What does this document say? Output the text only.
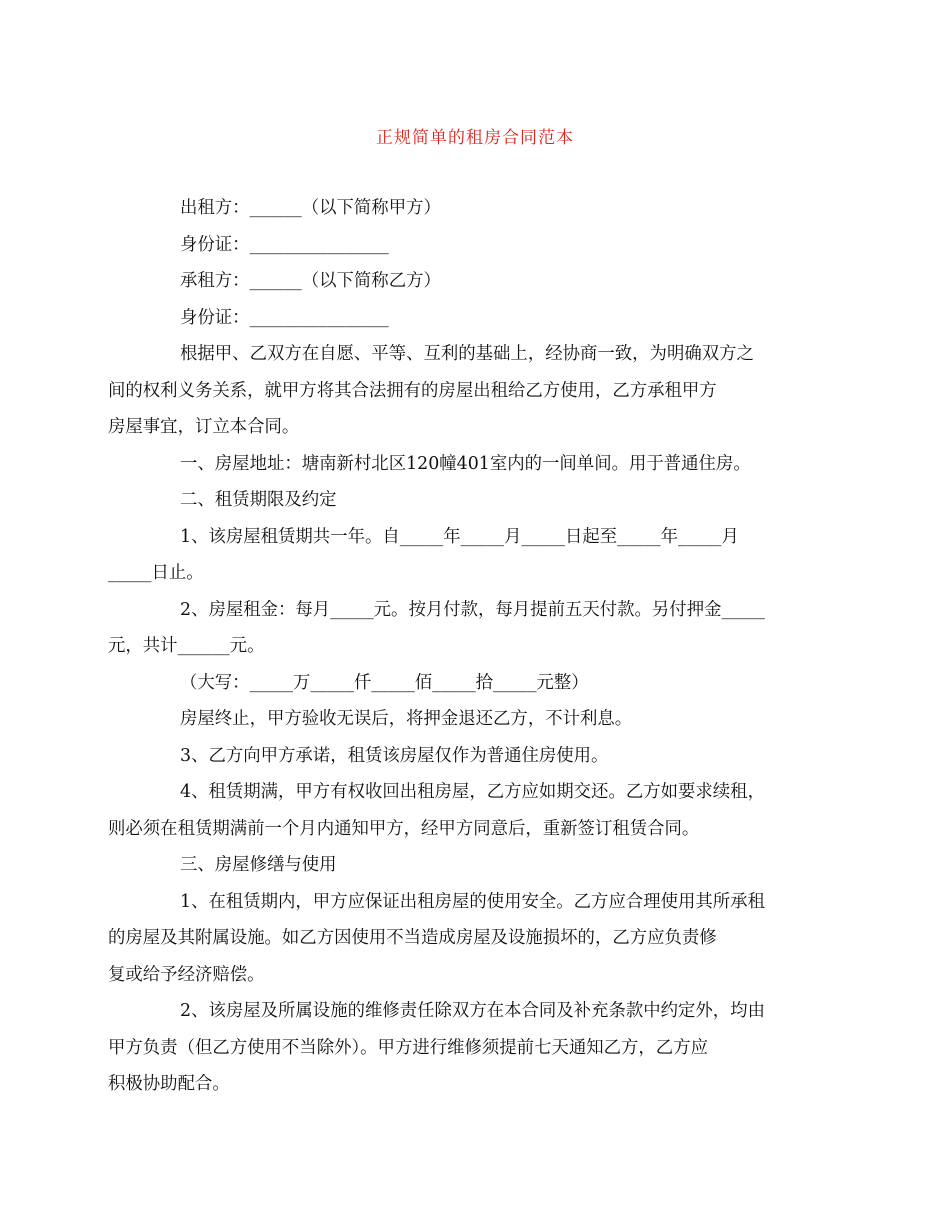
正规简单的租房合同范本

出租方：______（以下简称甲方）

身份证：________________

承租方：______（以下简称乙方）

身份证：________________

根据甲、乙双方在自愿、平等、互利的基础上，经协商一致，为明确双方之
间的权利义务关系，就甲方将其合法拥有的房屋出租给乙方使用，乙方承租甲方
房屋事宜，订立本合同。

一、房屋地址：塘南新村北区120幢401室内的一间单间。用于普通住房。

二、租赁期限及约定

1、该房屋租赁期共一年。自_____年_____月_____日起至_____年_____月
_____日止。

2、房屋租金：每月_____元。按月付款，每月提前五天付款。另付押金_____
元，共计______元。

（大写：_____万_____仟_____佰_____拾_____元整）

房屋终止，甲方验收无误后，将押金退还乙方，不计利息。

3、乙方向甲方承诺，租赁该房屋仅作为普通住房使用。

4、租赁期满，甲方有权收回出租房屋，乙方应如期交还。乙方如要求续租，
则必须在租赁期满前一个月内通知甲方，经甲方同意后，重新签订租赁合同。

三、房屋修缮与使用

1、在租赁期内，甲方应保证出租房屋的使用安全。乙方应合理使用其所承租
的房屋及其附属设施。如乙方因使用不当造成房屋及设施损坏的，乙方应负责修
复或给予经济赔偿。

2、该房屋及所属设施的维修责任除双方在本合同及补充条款中约定外，均由
甲方负责（但乙方使用不当除外）。甲方进行维修须提前七天通知乙方，乙方应
积极协助配合。
